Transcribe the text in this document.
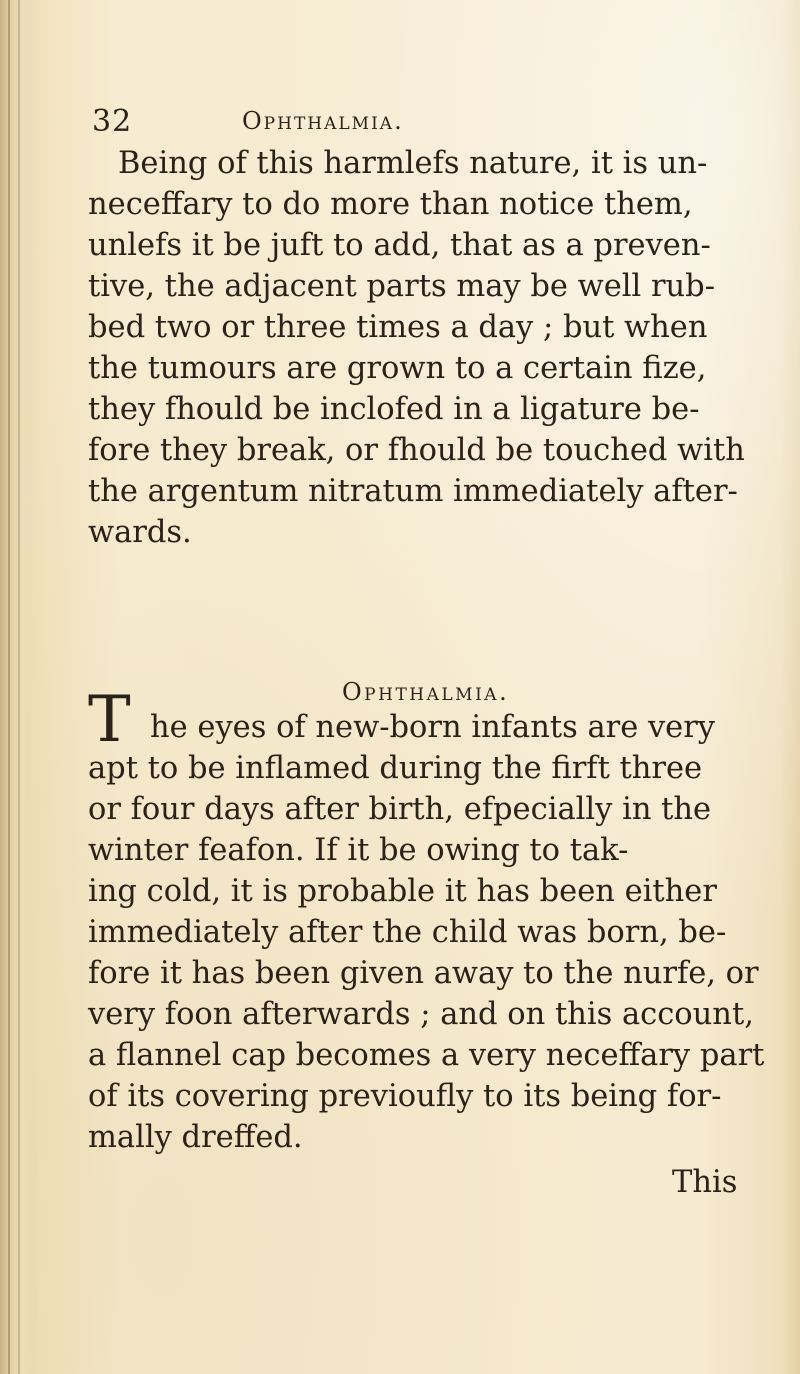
32	Ophthalmia.
Being of this harmlefs nature, it is un-
neceffary to do more than notice them,
unlefs it be juft to add, that as a preven-
tive, the adjacent parts may be well rub-
bed two or three times a day ; but when
the tumours are grown to a certain fize,
they fhould be inclofed in a ligature be-
fore they break, or fhould be touched with
the argentum nitratum immediately after-
wards.
Ophthalmia.
T he eyes of new-born infants are very
apt to be inflamed during the firft three
or four days after birth, efpecially in the
winter feafon. If it be owing to tak-
ing cold, it is probable it has been either
immediately after the child was born, be-
fore it has been given away to the nurfe, or
very foon afterwards ; and on this account,
a flannel cap becomes a very neceffary part
of its covering previoufly to its being for-
mally dreffed.
This
